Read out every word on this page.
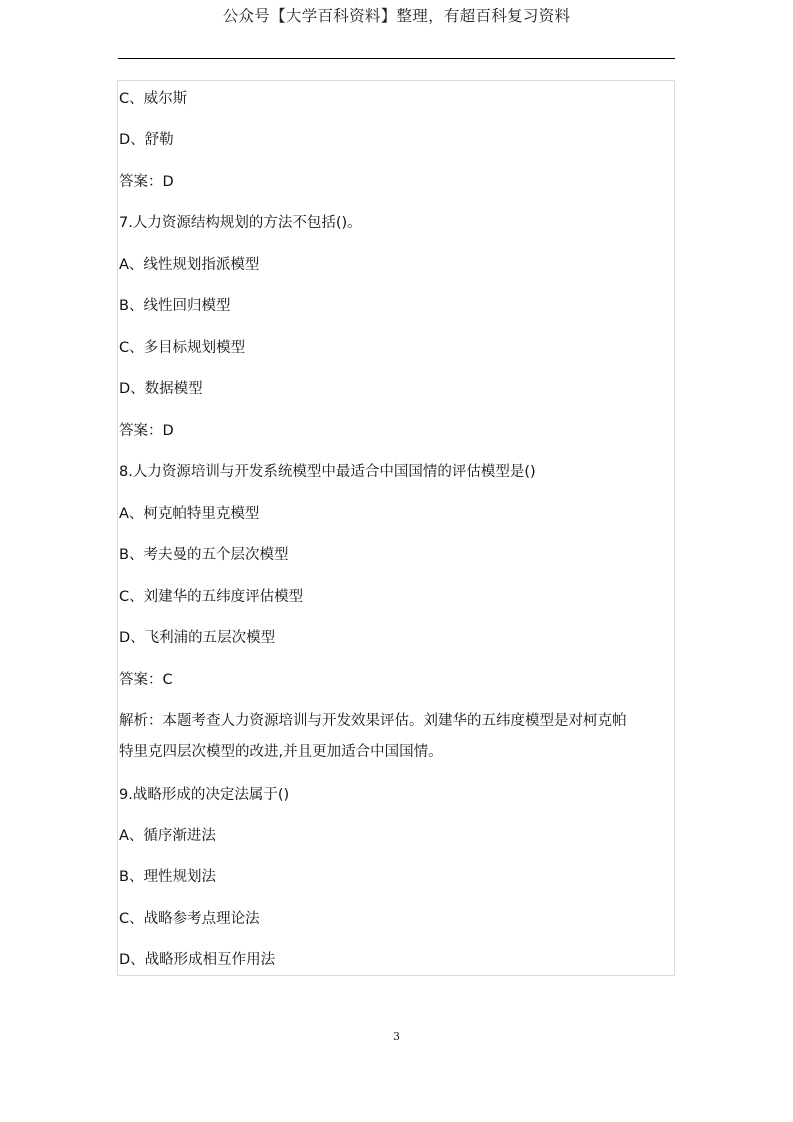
公众号【大学百科资料】整理，有超百科复习资料
C、威尔斯
D、舒勒
答案：D
7.人力资源结构规划的方法不包括()。
A、线性规划指派模型
B、线性回归模型
C、多目标规划模型
D、数据模型
答案：D
8.人力资源培训与开发系统模型中最适合中国国情的评估模型是()
A、柯克帕特里克模型
B、考夫曼的五个层次模型
C、刘建华的五纬度评估模型
D、飞利浦的五层次模型
答案：C
解析：本题考查人力资源培训与开发效果评估。刘建华的五纬度模型是对柯克帕
特里克四层次模型的改进,并且更加适合中国国情。
9.战略形成的决定法属于()
A、循序渐进法
B、理性规划法
C、战略参考点理论法
D、战略形成相互作用法
3
